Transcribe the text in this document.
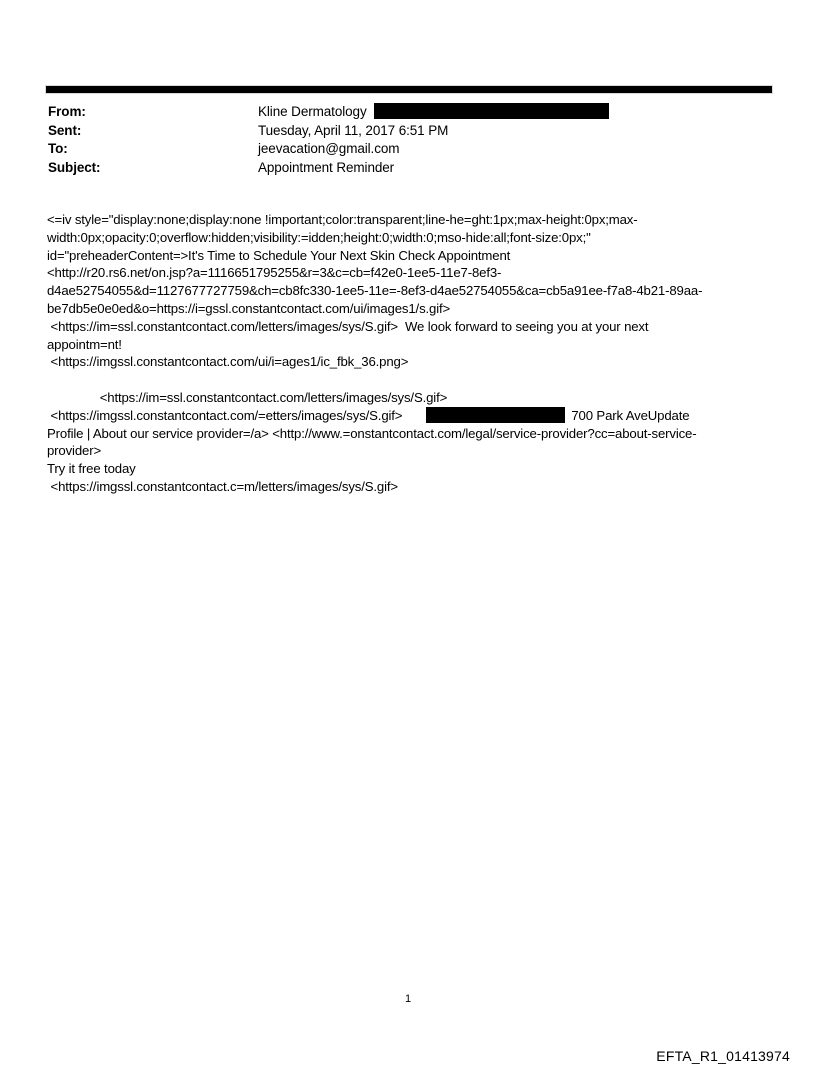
From:	Kline Dermatology
Sent:	Tuesday, April 11, 2017 6:51 PM
To:	jeevacation@gmail.com
Subject:	Appointment Reminder
<=iv style="display:none;display:none !important;color:transparent;line-he=ght:1px;max-height:0px;max-
width:0px;opacity:0;overflow:hidden;visibility:=idden;height:0;width:0;mso-hide:all;font-size:0px;"
id="preheaderContent=>It's Time to Schedule Your Next Skin Check Appointment
<http://r20.rs6.net/on.jsp?a=1116651795255&r=3&c=cb=f42e0-1ee5-11e7-8ef3-
d4ae52754055&d=1127677727759&ch=cb8fc330-1ee5-11e=-8ef3-d4ae52754055&ca=cb5a91ee-f7a8-4b21-89aa-
be7db5e0e0ed&o=https://i=gssl.constantcontact.com/ui/images1/s.gif>
<https://im=ssl.constantcontact.com/letters/images/sys/S.gif>  We look forward to seeing you at your next
appointm=nt!
<https://imgssl.constantcontact.com/ui/i=ages1/ic_fbk_36.png>
<https://im=ssl.constantcontact.com/letters/images/sys/S.gif>
<https://imgssl.constantcontact.com/=etters/images/sys/S.gif>	700 Park AveUpdate
Profile | About our service provider=/a> <http://www.=onstantcontact.com/legal/service-provider?cc=about-service-
provider>
Try it free today
<https://imgssl.constantcontact.c=m/letters/images/sys/S.gif>
1
EFTA_R1_01413974
